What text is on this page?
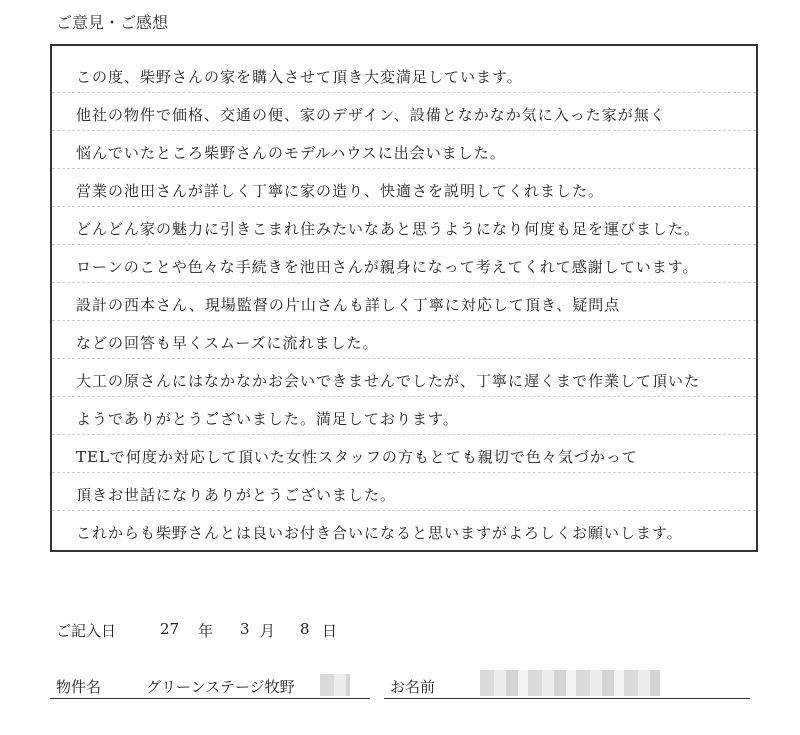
ご意見・ご感想
この度、柴野さんの家を購入させて頂き大変満足しています。
他社の物件で価格、交通の便、家のデザイン、設備となかなか気に入った家が無く
悩んでいたところ柴野さんのモデルハウスに出会いました。
営業の池田さんが詳しく丁寧に家の造り、快適さを説明してくれました。
どんどん家の魅力に引きこまれ住みたいなあと思うようになり何度も足を運びました。
ローンのことや色々な手続きを池田さんが親身になって考えてくれて感謝しています。
設計の西本さん、現場監督の片山さんも詳しく丁寧に対応して頂き、疑問点
などの回答も早くスムーズに流れました。
大工の原さんにはなかなかお会いできませんでしたが、丁寧に遅くまで作業して頂いた
ようでありがとうございました。満足しております。
TELで何度か対応して頂いた女性スタッフの方もとても親切で色々気づかって
頂きお世話になりありがとうございました。
これからも柴野さんとは良いお付き合いになると思いますがよろしくお願いします。
ご記入日	27 年 3 月 8 日
物件名	グリーンステージ牧野	お名前
